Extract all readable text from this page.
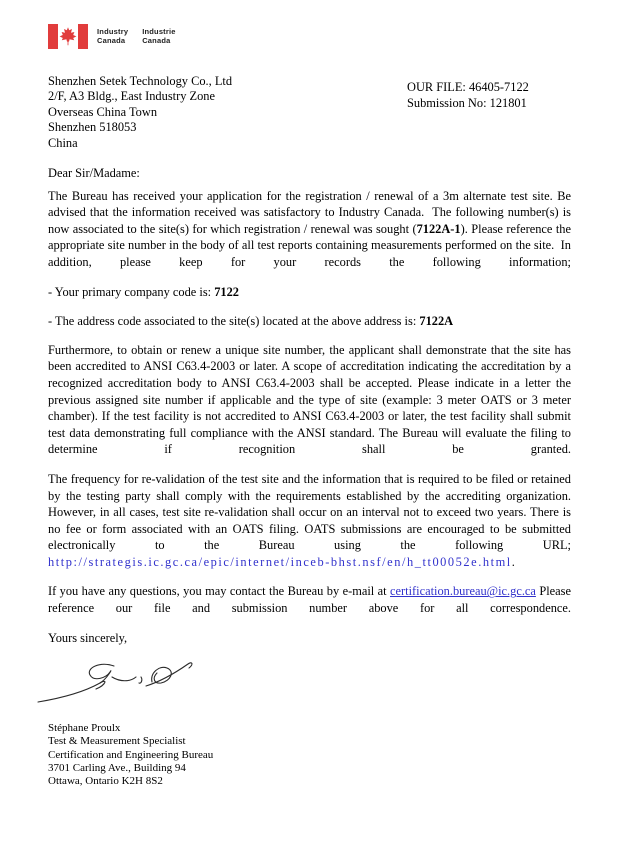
Industry
Canada
Industrie
Canada
Shenzhen Setek Technology Co., Ltd
2/F, A3 Bldg., East Industry Zone
Overseas China Town
Shenzhen 518053
China
OUR FILE: 46405-7122
Submission No: 121801
Dear Sir/Madame:
The Bureau has received your application for the registration / renewal of a 3m alternate test site. Be advised that the information received was satisfactory to Industry Canada.  The following number(s) is now associated to the site(s) for which registration / renewal was sought (7122A-1). Please reference the appropriate site number in the body of all test reports containing measurements performed on the site.  In addition, please keep for your records the following information;
- Your primary company code is: 7122
- The address code associated to the site(s) located at the above address is: 7122A
Furthermore, to obtain or renew a unique site number, the applicant shall demonstrate that the site has been accredited to ANSI C63.4-2003 or later. A scope of accreditation indicating the accreditation by a recognized accreditation body to ANSI C63.4-2003 shall be accepted. Please indicate in a letter the previous assigned site number if applicable and the type of site (example: 3 meter OATS or 3 meter chamber). If the test facility is not accredited to ANSI C63.4-2003 or later, the test facility shall submit test data demonstrating full compliance with the ANSI standard. The Bureau will evaluate the filing to determine if recognition shall be granted.
The frequency for re-validation of the test site and the information that is required to be filed or retained by the testing party shall comply with the requirements established by the accrediting organization. However, in all cases, test site re-validation shall occur on an interval not to exceed two years. There is no fee or form associated with an OATS filing. OATS submissions are encouraged to be submitted electronically to the Bureau using the following URL; http://strategis.ic.gc.ca/epic/internet/inceb-bhst.nsf/en/h_tt00052e.html.
If you have any questions, you may contact the Bureau by e-mail at certification.bureau@ic.gc.ca Please reference our file and submission number above for all correspondence.
Yours sincerely,
Stéphane Proulx
Test & Measurement Specialist
Certification and Engineering Bureau
3701 Carling Ave., Building 94
Ottawa, Ontario K2H 8S2
